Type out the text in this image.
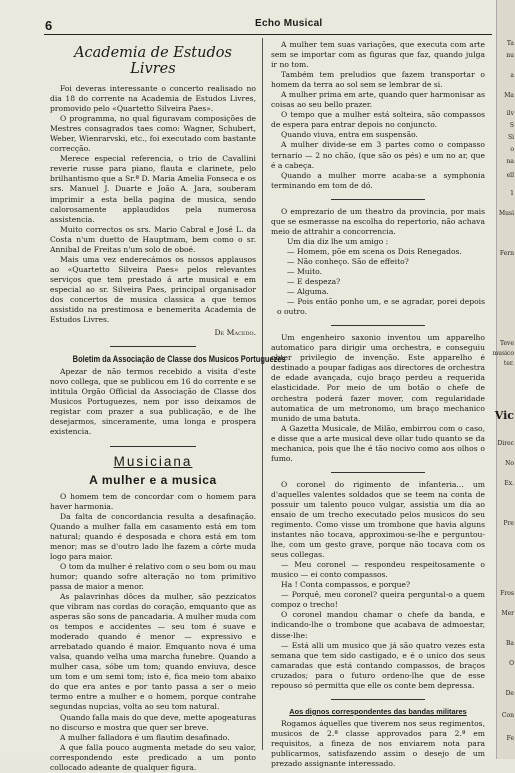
6	Echo Musical
Academia de Estudos Livres

Foi deveras interessante o concerto realisado no dia 18 do corrente na Academia de Estudos Livres, promovido pelo «Quartetto Silveira Paes».

O programma, no qual figuravam composições de Mestres consagrados taes como: Wagner, Schubert, Weber, Wienrarvski, etc., foi executado com bastante correcção.

Merece especial referencia, o trio de Cavallini reverie russe para piano, flauta e clarinete, pelo brilhantismo que a Sr.ª D. Maria Amelia Fonseca e os srs. Manuel J. Duarte e João A. Jara, souberam imprimir a esta bella pagina de musica, sendo calorosamente applaudidos pela numerosa assistencia.

Muito correctos os srs. Mario Cabral e José L. da Costa n'um duetto de Hauptmam, bem como o sr. Annibal de Freitas n'um solo de oboé.

Mais uma vez enderecámos os nossos applausos ao «Quartetto Silveira Paes» pelos relevantes serviços que tem prestado á arte musical e em especial ao sr. Silveira Paes, principal organisador dos concertos de musica classica a que temos assistido na prestimosa e benemerita Academia de Estudos Livres.

De Macedo.
Boletim da Associação de Classe dos Musicos Portuguezes

Apezar de não termos recebido a visita d'este novo collega, que se publicou em 16 do corrente e se intitula Orgão Official da Associação de Classe dos Musicos Portuguezes, nem por isso deixamos de registar com prazer a sua publicação, e de lhe desejarmos, sinceramente, uma longa e prospera existencia.

Musiciana
A mulher e a musica

O homem tem de concordar com o homem para haver harmonia.

Da falta de concordancia resulta a desafinação. Quando a mulher falla em casamento está em tom natural; quando é desposada e chora está em tom menor; mas se d'outro lado lhe fazem a côrte muda logo para maior.

O tom da mulher é relativo com o seu bom ou mau humor; quando sofre alteração no tom primitivo passa de maior a menor.

As palavrinhas dôces da mulher, são pezzicatos que vibram nas cordas do coração, emquanto que as asperas são sons de pancadaria. A mulher muda com os tempos e accidentes — seu tom é suave e moderado quando é menor — expressivo e arrebatado quando é maior. Emquanto nova é uma valsa, quando velha uma marcha funebre. Quando a mulher casa, sóbe um tom; quando enviuva, desce um tom e um semi tom; isto é, fica meio tom abaixo do que era antes e por tanto passa a ser o meio termo entre a mulher e o homem, porque contrahe segundas nupcias, volta ao seu tom natural.

Quando falla mais do que deve, mette apogeaturas no discurso e mostra que quer ser breve.

A mulher falladora é um flautim desafinado.

A que falla pouco augmenta metade do seu valor, correspondendo este predicado a um ponto collocado adeante de qualquer figura.

A mulher tem suas variações, que executa com arte sem se importar com as figuras que faz, quando julga ir no tom.

Também tem preludios que fazem transportar o homem da terra ao sol sem se lembrar de si.

A mulher prima em arte, quando quer harmonisar as coisas ao seu bello prazer.

O tempo que a mulher está solteira, são compassos de espera para entrar depois no conjuncto.

Quando viuva, entra em suspensão.

A mulher divide-se em 3 partes como o compasso ternario — 2 no chão, (que são os pés) e um no ar, que é a cabeça.

Quando a mulher morre acaba-se a symphonia terminando em tom de dó.

O emprezario de um theatro da provincia, por mais que se esmerasse na escolha do repertorio, não achava meio de attrahir a concorrencia.

Um dia diz lhe um amigo :

— Homem, põe em scena os Dois Renegados.

— Não conheço. São de effeito?

— Muito.

— E despeza?

— Alguma.

— Pois então ponho um, e se agradar, porei depois o outro.

Um engenheiro saxonio inventou um apparelho automatico para dirigir uma orchestra, e conseguiu obter privilegio de invenção. Este apparelho é destinado a poupar fadigas aos directores de orchestra de edade avançada, cujo braço perdeu a requerida elasticidade. Por meio de um botão o chefe de orchestra poderá fazer mover, com regularidade automatica de um metronomo, um braço mechanico munido de uma batuta.

A Gazetta Musicale, de Milão, embirrou com o caso, e disse que a arte musical deve ollar tudo quanto se da mechanica, pois que lhe é tão nocivo como aos olhos o fumo.

O coronel do rigimento de infanteria... um d'aquelles valentes soldados que se teem na conta de possuir um talento pouco vulgar, assistia um dia ao ensaio de um trecho executado pelos musicos do seu regimento. Como visse um trombone que havia alguns instantes não tocava, approximou-se-lhe e perguntou-lhe, com um gesto grave, porque não tocava com os seus collegas.

— Meu coronel — respondeu respeitosamente o musico — ei conto compassos.

Ha ! Conta compassos, e porque?

— Porquê, meu coronel? queira perguntal-o a quem compoz o trecho!

O coronel mandou chamar o chefe da banda, e indicando-lhe o trombone que acabava de admoestar, disse-lhe:

— Está alli um musico que já são quatro vezes esta semana que tem sido castigado, e é o unico dos seus camaradas que está contando compassos, de braços cruzados; para o futuro ordeno-lhe que de esse repouso só permitta que elle os conte bem depressa.

Aos dignos correspondentes das bandas militares

Rogamos áquelles que tiverem nos seus regimentos, musicos de 2.ª classe approvados para 2.ª em requisitos, a fineza de nos enviarem nota para publicarmos, satisfazendo assim o desejo de um prezado assignante interessado.

Ta
nu
a
Ma
ilv
S
Si
o
na
ell
1
Musi
Fern
Teve
musico
ter.
Vic
Direc
No
Ex.
Pre
Fros
Mer
Ba
O
De
Con
Fe
